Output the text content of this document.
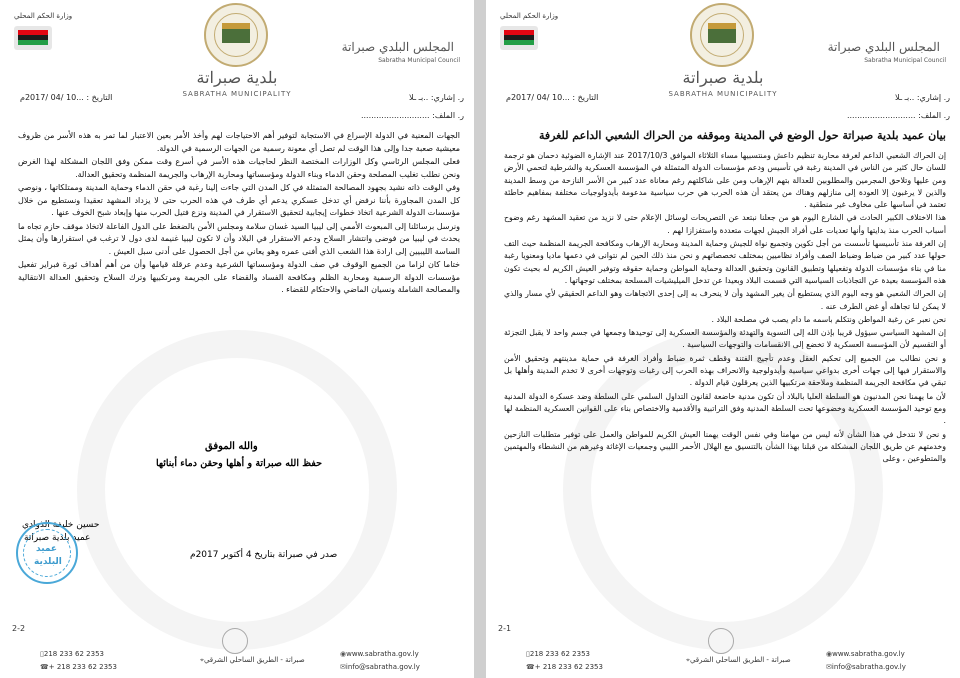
وزارة الحكم المحلي
المجلس البلدي صبراتة
Sabratha Municipal Council
بلدية صبراتة
SABRATHA MUNICIPALITY	ر. إشاري: ..بـ ـلا
ر. الملف: ...........................
التاريخ : ...10 /04 /2017م

الجهات المعنية في الدولة الإسراع في الاستجابة لتوفير أهم الاحتياجات لهم وأخذ الأمر بعين الاعتبار لما تمر به هذه الأسر من ظروف معيشية صعبة جدا وإلى هذا الوقت لم تصل أي معونة رسمية من الجهات الرسمية في الدولة.

فعلى المجلس الرئاسي وكل الوزارات المختصة النظر لحاجيات هذه الأسر في أسرع وقت ممكن وفق اللجان المشكلة لهذا الغرض ونحن نطلب تغليب المصلحة وحقن الدماء وبناء الدولة ومؤسساتها ومحاربة الإرهاب والجريمة المنظمة وتحقيق العدالة.

وفي الوقت ذاته نشيد بجهود المصالحة المتمثلة في كل المدن التي جاءت إلينا رغبة في حقن الدماء وحماية المدينة وممتلكاتها ، ونوصي كل المدن المجاورة بأننا نرفض أي تدخل عسكري يدعم أي طرف في هذه الحرب حتى لا يزداد المشهد تعقيدا ونستطيع من خلال مؤسسات الدولة الشرعية اتخاذ خطوات إيجابية لتحقيق الاستقرار في المدينة ونزع فتيل الحرب منها وإبعاد شبح الخوف عنها .

ونرسل برسائلنا إلى المبعوث الأممي إلى ليبيا السيد غسان سلامة ومجلس الأمن بالضغط على الدول الفاعلة لاتخاذ موقف حازم تجاه ما يحدث في ليبيا من فوضى وانتشار السلاح ودعم الاستقرار في البلاد وأن لا تكون ليبيا غنيمة لدى دول لا ترغب في استقرارها وأن يمثل الساسة الليبيين إلى ارادة هذا الشعب الذي أفنى عمره وهو يعاني من أجل الحصول على أدنى سبل العيش .

ختاما كان لزاما من الجميع الوقوف في صف الدولة ومؤسساتها الشرعية وعدم عرقلة قيامها وأن من أهم أهداف ثورة فبراير تفعيل مؤسسات الدولة الرسمية ومحاربة الظلم ومكافحة الفساد والقضاء على الجريمة ومرتكبيها وترك السلاح وتحقيق العدالة الانتقالية والمصالحة الشاملة ونسيان الماضي والاحتكام للقضاء .

والله الموفق
حفظ الله صبراتة و أهلها وحقن دماء أبنائها
حسين خليفة الذوادي
عميد بلدية صبراتة
عميد
البلدية
صدر في صبراتة بتاريخ 4 أكتوبر 2017م
2-2
▯218 233 62 2353
☎+ 218 233 62 2353
⌖صبراتة - الطريق الساحلي الشرقي
◉www.sabratha.gov.ly
✉info@sabratha.gov.ly
وزارة الحكم المحلي
المجلس البلدي صبراتة
Sabratha Municipal Council
بلدية صبراتة
SABRATHA MUNICIPALITY	ر. إشاري: ..بـ ـلا
ر. الملف: ...........................
التاريخ : ...10 /04 /2017م
بيان عميد بلدية صبراتة حول الوضع في المدينة وموقفه من الحراك الشعبي الداعم للغرفة

إن الحراك الشعبي الداعم لغرفة محاربة تنظيم داعش ومنتسبيها مساء الثلاثاء الموافق 2017/10/3 عند الإشارة الضوئية دحمان هو ترجمة للسان حال كثير من الناس في المدينة رغبة في تأسيس ودعم مؤسسات الدولة المتمثلة في المؤسسة العسكرية والشرطية لتحمي الأرض ومن عليها وتلاحق المجرمين والمطلوبين للعدالة بتهم الإرهاب ومن على شاكلتهم رغم معاناة عدد كبير من الأسر النازحة من وسط المدينة والذين لا يرغبون إلا العودة إلى منازلهم وهناك من يعتقد أن هذه الحرب هي حرب سياسية مدعومة بأيدولوجيات مختلفة بمفاهيم خاطئة تعتمد في أساسها على مخاوف غير منطقية .

هذا الاختلاف الكبير الحادث في الشارع اليوم هو من جعلنا نبتعد عن التصريحات لوسائل الإعلام حتى لا نزيد من تعقيد المشهد رغم وضوح أسباب الحرب منذ بدايتها وأنها تعديات على أفراد الجيش لجهات متعددة واستفزازا لهم .

إن الغرفة منذ تأسيسها تأسست من أجل تكوين وتجميع نواة للجيش وحماية المدينة ومحاربة الإرهاب ومكافحة الجريمة المنظمة حيث التف حولها عدد كبير من ضباط وضباط الصف وأفراد نظاميين بمختلف تخصصاتهم و نحن منذ ذلك الحين لم نتوانى في دعمها ماديا ومعنويا رغبة منا في بناء مؤسسات الدولة وتفعيلها وتطبيق القانون وتحقيق العدالة وحماية المواطن وحماية حقوقه وتوفير العيش الكريم له بحيث تكون هذه المؤسسة بعيدة عن التجاذبات السياسية التي قسمت البلاد وبعيدا عن تدخل الميليشيات المسلحة بمختلف توجهاتها .

إن الحراك الشعبي هو وجه اليوم الذي يستطيع أن يغير المشهد وأن لا ينحرف به إلى إحدى الاتجاهات وهو الداعم الحقيقي لأي مسار والذي لا يمكن لنا تجاهله أو غض الطرف عنه .

نحن نعبر عن رغبة المواطن ونتكلم باسمه ما دام يصب في مصلحة البلاد .

إن المشهد السياسي سيؤول قريبا بإذن الله إلى التسوية والتهدئة والمؤسسة العسكرية إلى توحيدها وجمعها في جسم واحد لا يقبل التجزئة أو التقسيم لأن المؤسسة العسكرية لا تخضع إلى الانقسامات والتوجهات السياسية .

و نحن نطالب من الجميع إلى تحكيم العقل وعدم تأجيج الفتنة وقطف ثمرة ضباط وأفراد الغرفة في حماية مدينتهم وتحقيق الأمن والاستقرار فيها إلى جهات أخرى بدواعي سياسية وأيدولوجية والانحراف بهذه الحرب إلى رغبات وتوجهات أخرى لا تخدم المدينة وأهلها بل تبقي في مكافحة الجريمة المنظمة وملاحقة مرتكبيها الذين يعرقلون قيام الدولة .

لأن ما يهمنا نحن المدنيون هو السلطة العليا بالبلاد أن تكون مدنية خاضعة لقانون التداول السلمي على السلطة وضد عسكرة الدولة المدنية ومع توحيد المؤسسة العسكرية وخضوعها تحت السلطة المدنية وفق التراتبية والأقدمية والاختصاص بناء على القوانين العسكرية المنظمة لها .

و نحن لا نتدخل في هذا الشأن لأنه ليس من مهامنا وفي نفس الوقت يهمنا العيش الكريم للمواطن والعمل على توفير متطلبات النازحين وخدمتهم عن طريق اللجان المشكلة من قبلنا بهذا الشأن بالتنسيق مع الهلال الأحمر الليبي وجمعيات الإغاثة وغيرهم من النشطاء والمهتمين والمتطوعين ، وعلى

2-1
▯218 233 62 2353
☎+ 218 233 62 2353
⌖صبراتة - الطريق الساحلي الشرقي
◉www.sabratha.gov.ly
✉info@sabratha.gov.ly
